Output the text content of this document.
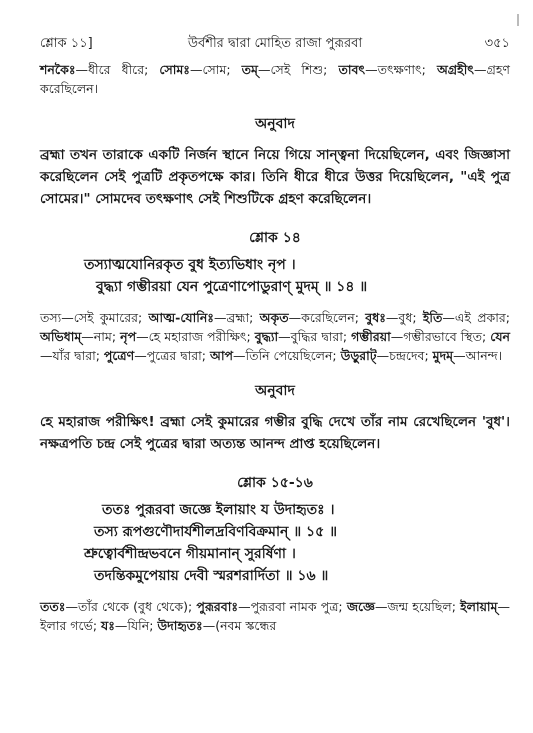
শ্লোক ১১]	উর্বশীর দ্বারা মোহিত রাজা পুরূরবা	৩৫১

শনকৈঃ—ধীরে ধীরে; সোমঃ—সোম; তম্—সেই শিশু; তাবৎ—তৎক্ষণাৎ; অগ্রহীৎ—গ্রহণ করেছিলেন।

অনুবাদ

ব্রহ্মা তখন তারাকে একটি নির্জন স্থানে নিয়ে গিয়ে সান্ত্বনা দিয়েছিলেন, এবং জিজ্ঞাসা করেছিলেন সেই পুত্রটি প্রকৃতপক্ষে কার। তিনি ধীরে ধীরে উত্তর দিয়েছিলেন, "এই পুত্র সোমের।" সোমদেব তৎক্ষণাৎ সেই শিশুটিকে গ্রহণ করেছিলেন।

শ্লোক ১৪
তস্যাত্মযোনিরকৃত বুধ ইত্যভিধাং নৃপ ।
বুদ্ধ্যা গম্ভীরয়া যেন পুত্রেণাপোডুরাণ্ মুদম্ ॥ ১৪ ॥

তস্য—সেই কুমারের; আত্ম-যোনিঃ—ব্রহ্মা; অকৃত—করেছিলেন; বুধঃ—বুধ; ইতি—এই প্রকার; অভিধাম্—নাম; নৃপ—হে মহারাজ পরীক্ষিৎ; বুদ্ধ্যা—বুদ্ধির দ্বারা; গম্ভীরয়া—গম্ভীরভাবে স্থিত; যেন—যাঁর দ্বারা; পুত্রেণ—পুত্রের দ্বারা; আপ—তিনি পেয়েছিলেন; উড়ুরাট্—চন্দ্রদেব; মুদম্—আনন্দ।

অনুবাদ

হে মহারাজ পরীক্ষিৎ! ব্রহ্মা সেই কুমারের গম্ভীর বুদ্ধি দেখে তাঁর নাম রেখেছিলেন 'বুধ'। নক্ষত্রপতি চন্দ্র সেই পুত্রের দ্বারা অত্যন্ত আনন্দ প্রাপ্ত হয়েছিলেন।

শ্লোক ১৫-১৬
ততঃ পুরূরবা জজ্ঞে ইলায়াং য উদাহৃতঃ ।
তস্য রূপগুণৌদার্যশীলদ্রবিণবিক্রমান্ ॥ ১৫ ॥
শ্রুত্বোর্বশীন্দ্রভবনে গীয়মানান্ সুরর্ষিণা ।
তদন্তিকমুপেয়ায় দেবী স্মরশরার্দিতা ॥ ১৬ ॥

ততঃ—তাঁর থেকে (বুধ থেকে); পুরূরবাঃ—পুরূরবা নামক পুত্র; জজ্ঞে—জন্ম হয়েছিল; ইলায়াম্—ইলার গর্ভে; যঃ—যিনি; উদাহৃতঃ—(নবম স্কন্ধের
